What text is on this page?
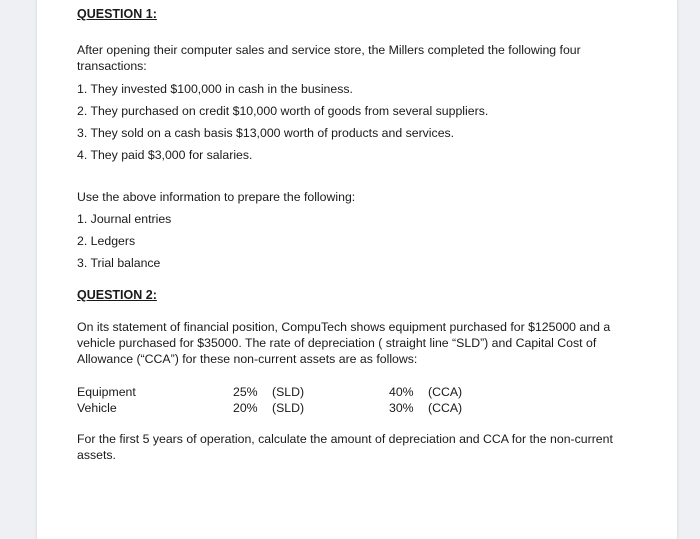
QUESTION 1:
After opening their computer sales and service store, the Millers completed the following four transactions:
1. They invested $100,000 in cash in the business.
2. They purchased on credit $10,000 worth of goods from several suppliers.
3. They sold on a cash basis $13,000 worth of products and services.
4. They paid $3,000 for salaries.
Use the above information to prepare the following:
1. Journal entries
2. Ledgers
3. Trial balance
QUESTION 2:
On its statement of financial position, CompuTech shows equipment purchased for $125000 and a vehicle purchased for $35000. The rate of depreciation ( straight line “SLD”) and Capital Cost of Allowance (“CCA”) for these non-current assets are as follows:
Equipment	25% (SLD)	40% (CCA)
Vehicle	20% (SLD)	30% (CCA)
For the first 5 years of operation, calculate the amount of depreciation and CCA for the non-current assets.
